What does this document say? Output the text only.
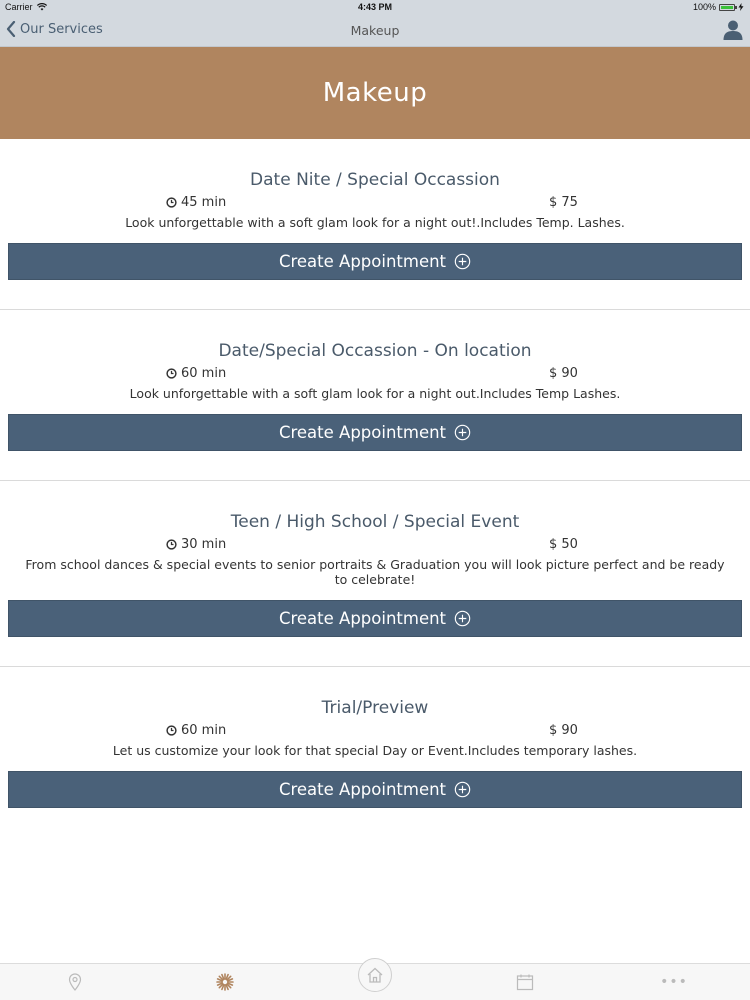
Carrier	4:43 PM	100%
Our Services	Makeup
Makeup
Date Nite / Special Occassion
45 min	$ 75
Look unforgettable with a soft glam look for a night out!.Includes Temp. Lashes.
Create Appointment
Date/Special Occassion - On location
60 min	$ 90
Look unforgettable with a soft glam look for a night out.Includes Temp Lashes.
Create Appointment
Teen / High School / Special Event
30 min	$ 50
From school dances & special events to senior portraits & Graduation you will look picture perfect and be ready to celebrate!
Create Appointment
Trial/Preview
60 min	$ 90
Let us customize your look for that special Day or Event.Includes temporary lashes.
Create Appointment
•••
